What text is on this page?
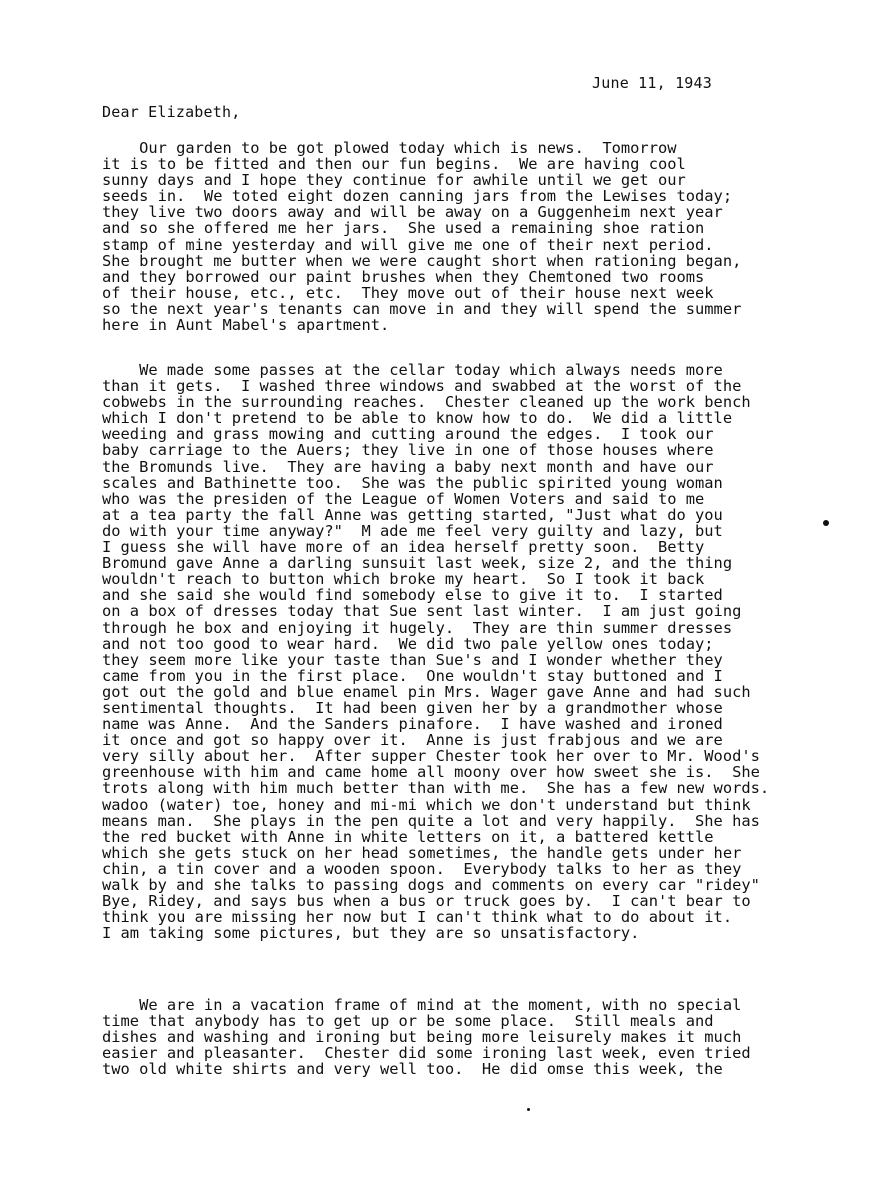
June 11, 1943
Dear Elizabeth,
Our garden to be got plowed today which is news.  Tomorrow
it is to be fitted and then our fun begins.  We are having cool
sunny days and I hope they continue for awhile until we get our
seeds in.  We toted eight dozen canning jars from the Lewises today;
they live two doors away and will be away on a Guggenheim next year
and so she offered me her jars.  She used a remaining shoe ration
stamp of mine yesterday and will give me one of their next period.
She brought me butter when we were caught short when rationing began,
and they borrowed our paint brushes when they Chemtoned two rooms
of their house, etc., etc.  They move out of their house next week
so the next year's tenants can move in and they will spend the summer
here in Aunt Mabel's apartment.
We made some passes at the cellar today which always needs more
than it gets.  I washed three windows and swabbed at the worst of the
cobwebs in the surrounding reaches.  Chester cleaned up the work bench
which I don't pretend to be able to know how to do.  We did a little
weeding and grass mowing and cutting around the edges.  I took our
baby carriage to the Auers; they live in one of those houses where
the Bromunds live.  They are having a baby next month and have our
scales and Bathinette too.  She was the public spirited young woman
who was the presiden of the League of Women Voters and said to me
at a tea party the fall Anne was getting started, "Just what do you
do with your time anyway?"  M ade me feel very guilty and lazy, but
I guess she will have more of an idea herself pretty soon.  Betty
Bromund gave Anne a darling sunsuit last week, size 2, and the thing
wouldn't reach to button which broke my heart.  So I took it back
and she said she would find somebody else to give it to.  I started
on a box of dresses today that Sue sent last winter.  I am just going
through he box and enjoying it hugely.  They are thin summer dresses
and not too good to wear hard.  We did two pale yellow ones today;
they seem more like your taste than Sue's and I wonder whether they
came from you in the first place.  One wouldn't stay buttoned and I
got out the gold and blue enamel pin Mrs. Wager gave Anne and had such
sentimental thoughts.  It had been given her by a grandmother whose
name was Anne.  And the Sanders pinafore.  I have washed and ironed
it once and got so happy over it.  Anne is just frabjous and we are
very silly about her.  After supper Chester took her over to Mr. Wood's
greenhouse with him and came home all moony over how sweet she is.  She
trots along with him much better than with me.  She has a few new words.
wadoo (water) toe, honey and mi-mi which we don't understand but think
means man.  She plays in the pen quite a lot and very happily.  She has
the red bucket with Anne in white letters on it, a battered kettle
which she gets stuck on her head sometimes, the handle gets under her
chin, a tin cover and a wooden spoon.  Everybody talks to her as they
walk by and she talks to passing dogs and comments on every car "ridey"
Bye, Ridey, and says bus when a bus or truck goes by.  I can't bear to
think you are missing her now but I can't think what to do about it.
I am taking some pictures, but they are so unsatisfactory.
We are in a vacation frame of mind at the moment, with no special
time that anybody has to get up or be some place.  Still meals and
dishes and washing and ironing but being more leisurely makes it much
easier and pleasanter.  Chester did some ironing last week, even tried
two old white shirts and very well too.  He did omse this week, the
